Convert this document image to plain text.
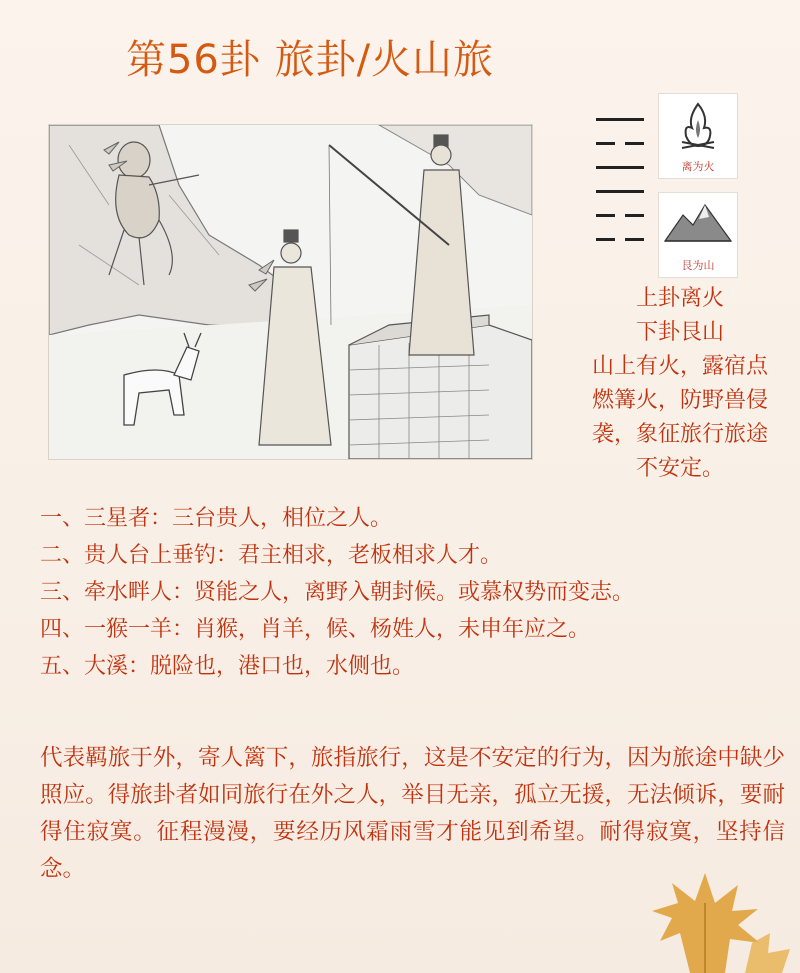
第56卦 旅卦/火山旅
离为火
艮为山
上卦离火
下卦艮山
山上有火，露宿点
燃篝火，防野兽侵
袭，象征旅行旅途
不安定。
一、三星者：三台贵人，相位之人。
二、贵人台上垂钓：君主相求，老板相求人才。
三、牵水畔人：贤能之人，离野入朝封候。或慕权势而变志。
四、一猴一羊：肖猴，肖羊，候、杨姓人，未申年应之。
五、大溪：脱险也，港口也，水侧也。
代表羁旅于外，寄人篱下，旅指旅行，这是不安定的行为，因为旅途中缺少照应。得旅卦者如同旅行在外之人，举目无亲，孤立无援，无法倾诉，要耐得住寂寞。征程漫漫，要经历风霜雨雪才能见到希望。耐得寂寞，坚持信念。
